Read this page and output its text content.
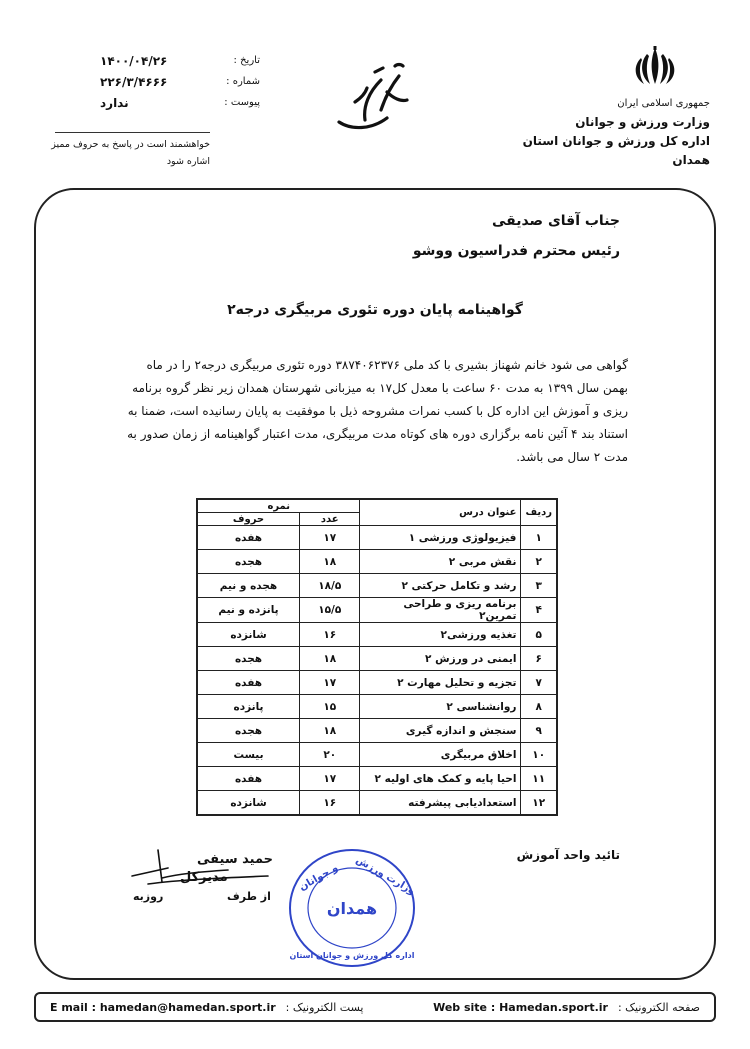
جمهوری اسلامی ایران
وزارت ورزش و جوانان
اداره کل ورزش و جوانان استان همدان
تاریخ :
۱۴۰۰/۰۴/۲۶
شماره :
۲۲۶/۳/۴۶۶۶
پیوست :
ندارد
خواهشمند است در پاسخ به حروف ممیز
اشاره شود
جناب آقای صدیقی
رئیس محترم فدراسیون ووشو
گواهینامه پایان دوره تئوری مربیگری درجه۲
گواهی می شود خانم شهناز بشیری با کد ملی ۳۸۷۴۰۶۲۳۷۶ دوره تئوری مربیگری درجه۲ را در ماه
بهمن سال ۱۳۹۹ به مدت ۶۰ ساعت با معدل کل۱۷ به میزبانی شهرستان همدان زیر نظر گروه برنامه
ریزی و آموزش این اداره کل با کسب نمرات مشروحه ذیل با موفقیت به پایان رسانیده است، ضمنا به
استناد بند ۴ آئین نامه برگزاری دوره های کوتاه مدت مربیگری، مدت اعتبار گواهینامه از زمان صدور به
مدت ۲ سال می باشد.
ردیف	عنوان درس	نمره	
		عدد	حروف
۱	فیزیولوژی ورزشی ۱	۱۷	هفده
۲	نقش مربی ۲	۱۸	هجده
۳	رشد و تکامل حرکتی ۲	۱۸/۵	هجده و نیم
۴	برنامه ریزی و طراحی تمرین۲	۱۵/۵	پانزده و نیم
۵	تغذیه ورزشی۲	۱۶	شانزده
۶	ایمنی در ورزش ۲	۱۸	هجده
۷	تجزیه و تحلیل مهارت ۲	۱۷	هفده
۸	روانشناسی ۲	۱۵	پانزده
۹	سنجش و اندازه گیری	۱۸	هجده
۱۰	اخلاق مربیگری	۲۰	بیست
۱۱	احیا پایه و کمک های اولیه ۲	۱۷	هفده
۱۲	استعدادیابی پیشرفته	۱۶	شانزده
تائید واحد آموزش
حمید سیفی
مدیرکل
از طرف
روزبه
همدان
وزارت ورزش
و جوانان
اداره کل ورزش و جوانان استان
E mail : hamedan@hamedan.sport.ir پست الکترونیک :	Web site : Hamedan.sport.ir صفحه الکترونیک :
